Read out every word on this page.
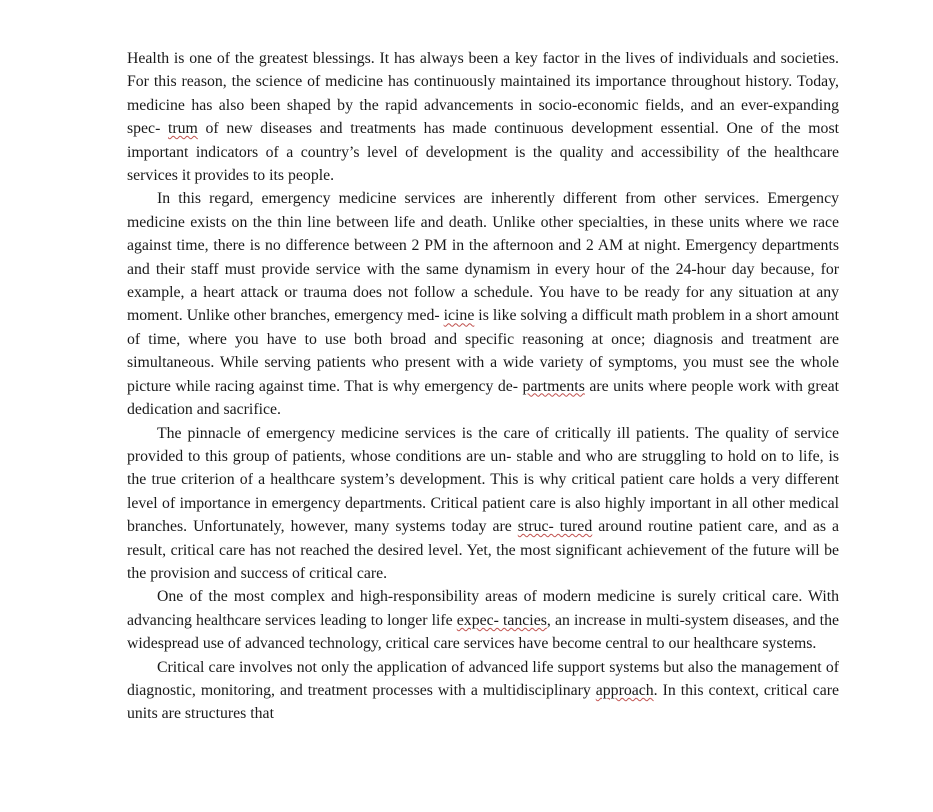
Health is one of the greatest blessings. It has always been a key factor in the lives of individuals and societies. For this reason, the science of medicine has continuously maintained its importance throughout history. Today, medicine has also been shaped by the rapid advancements in socio-economic fields, and an ever-expanding spec- trum of new diseases and treatments has made continuous development essential. One of the most important indicators of a country’s level of development is the quality and accessibility of the healthcare services it provides to its people.

In this regard, emergency medicine services are inherently different from other services. Emergency medicine exists on the thin line between life and death. Unlike other specialties, in these units where we race against time, there is no difference between 2 PM in the afternoon and 2 AM at night. Emergency departments and their staff must provide service with the same dynamism in every hour of the 24-hour day because, for example, a heart attack or trauma does not follow a schedule. You have to be ready for any situation at any moment. Unlike other branches, emergency med- icine is like solving a difficult math problem in a short amount of time, where you have to use both broad and specific reasoning at once; diagnosis and treatment are simultaneous. While serving patients who present with a wide variety of symptoms, you must see the whole picture while racing against time. That is why emergency de- partments are units where people work with great dedication and sacrifice.

The pinnacle of emergency medicine services is the care of critically ill patients. The quality of service provided to this group of patients, whose conditions are un- stable and who are struggling to hold on to life, is the true criterion of a healthcare system’s development. This is why critical patient care holds a very different level of importance in emergency departments. Critical patient care is also highly important in all other medical branches. Unfortunately, however, many systems today are struc- tured around routine patient care, and as a result, critical care has not reached the desired level. Yet, the most significant achievement of the future will be the provision and success of critical care.

One of the most complex and high-responsibility areas of modern medicine is surely critical care. With advancing healthcare services leading to longer life expec- tancies, an increase in multi-system diseases, and the widespread use of advanced technology, critical care services have become central to our healthcare systems.

Critical care involves not only the application of advanced life support systems but also the management of diagnostic, monitoring, and treatment processes with a multidisciplinary approach. In this context, critical care units are structures that
